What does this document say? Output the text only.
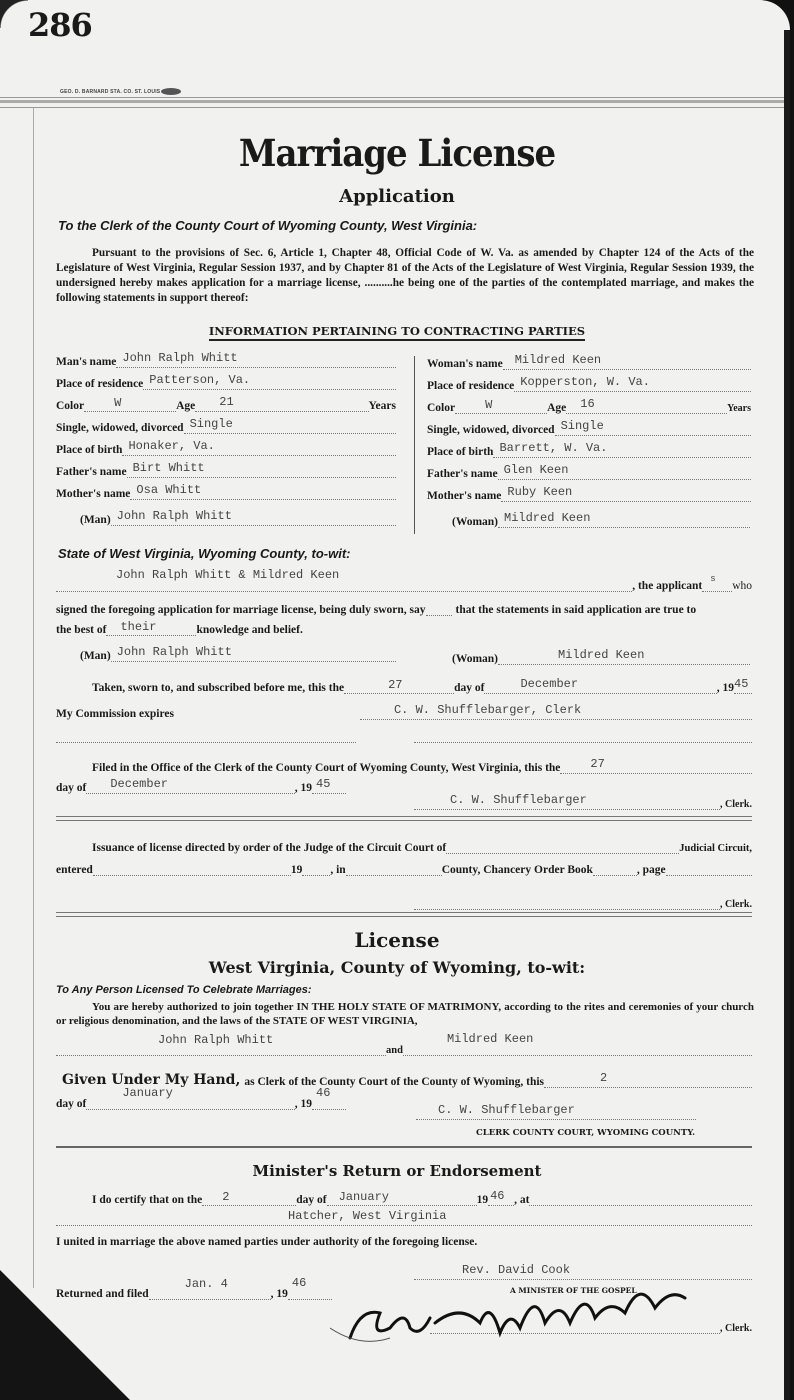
286
GEO. D. BARNARD STA. CO. ST. LOUIS
Marriage License
Application
To the Clerk of the County Court of Wyoming County, West Virginia:
Pursuant to the provisions of Sec. 6, Article 1, Chapter 48, Official Code of W. Va. as amended by Chapter 124 of the Acts of the Legislature of West Virginia, Regular Session 1937, and by Chapter 81 of the Acts of the Legislature of West Virginia, Regular Session 1939, the undersigned hereby makes application for a marriage license, ..........he being one of the parties of the contemplated marriage, and makes the following statements in support thereof:
INFORMATION PERTAINING TO CONTRACTING PARTIES
Man's name John Ralph Whitt
Place of residence Patterson, Va.
Color	W	Age	21	Years
Single, widowed, divorced Single
Place of birth Honaker, Va.
Father's name Birt Whitt
Mother's name Osa Whitt
(Man) John Ralph Whitt
Woman's name	Mildred Keen
Place of residence Kopperston, W. Va.
Color	W	Age	16	Years
Single, widowed, divorced Single
Place of birth Barrett, W. Va.
Father's name Glen Keen
Mother's name Ruby Keen
(Woman) Mildred Keen
State of West Virginia, Wyoming County, to-wit:
John Ralph Whitt & Mildred Keen
, the applicant
s
who
signed the foregoing application for marriage license, being duly sworn, say	that the statements in said application are true to
the best of	their	knowledge and belief.
(Man) John Ralph Whitt	(Woman)	Mildred Keen
Taken, sworn to, and subscribed before me, this the	27	day of	December	, 19 45
My Commission expires	C. W. Shufflebarger, Clerk
Filed in the Office of the Clerk of the County Court of Wyoming County, West Virginia, this the	27
day of	December	, 19 45
C. W. Shufflebarger	, Clerk.
Issuance of license directed by order of the Judge of the Circuit Court of	Judicial Circuit,
entered	19 , in	County, Chancery Order Book	, page
, Clerk.
License
West Virginia, County of Wyoming, to-wit:
To Any Person Licensed To Celebrate Marriages:
You are hereby authorized to join together IN THE HOLY STATE OF MATRIMONY, according to the rites and ceremonies of your church or religious denomination, and the laws of the STATE OF WEST VIRGINIA,
John Ralph Whitt
and
Mildred Keen
Given Under My Hand, as Clerk of the County Court of the County of Wyoming, this	2
day of
January
, 19
46
C. W. Shufflebarger
CLERK COUNTY COURT, WYOMING COUNTY.
Minister's Return or Endorsement
I do certify that on the	2	day of	January	19 46 , at
Hatcher, West Virginia
I united in marriage the above named parties under authority of the foregoing license.
Rev. David Cook
A MINISTER OF THE GOSPEL
Returned and filed
Jan. 4
, 19
46
, Clerk.
